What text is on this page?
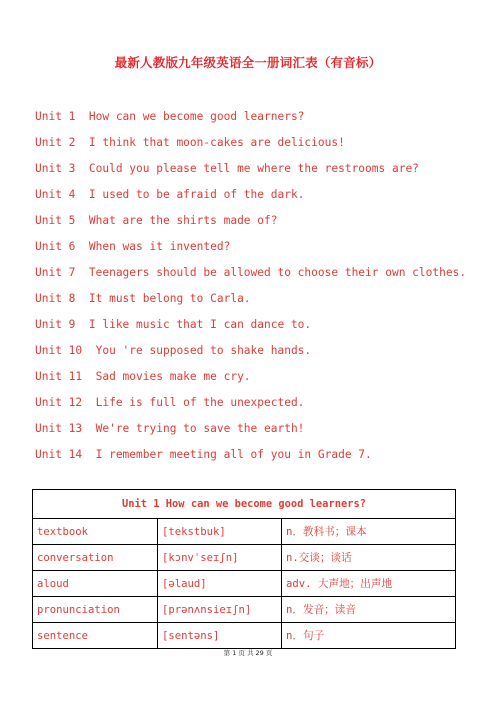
最新人教版九年级英语全一册词汇表（有音标）
Unit 1  How can we become good learners?
Unit 2  I think that moon-cakes are delicious!
Unit 3  Could you please tell me where the restrooms are?
Unit 4  I used to be afraid of the dark.
Unit 5  What are the shirts made of?
Unit 6  When was it invented?
Unit 7  Teenagers should be allowed to choose their own clothes.
Unit 8  It must belong to Carla.
Unit 9  I like music that I can dance to.
Unit 10  You 're supposed to shake hands.
Unit 11  Sad movies make me cry.
Unit 12  Life is full of the unexpected.
Unit 13  We're trying to save the earth!
Unit 14  I remember meeting all of you in Grade 7.
Unit 1 How can we become good learners?		
textbook	[tekstbuk]	n．教科书；课本
conversation	[kɔnvˈseɪʃn]	n.交谈；谈话
aloud	[əlaud]	adv. 大声地；出声地
pronunciation	[prənʌnsieɪʃn]	n．发音；读音
sentence	[sentəns]	n．句子
第 1 页 共 29 页
